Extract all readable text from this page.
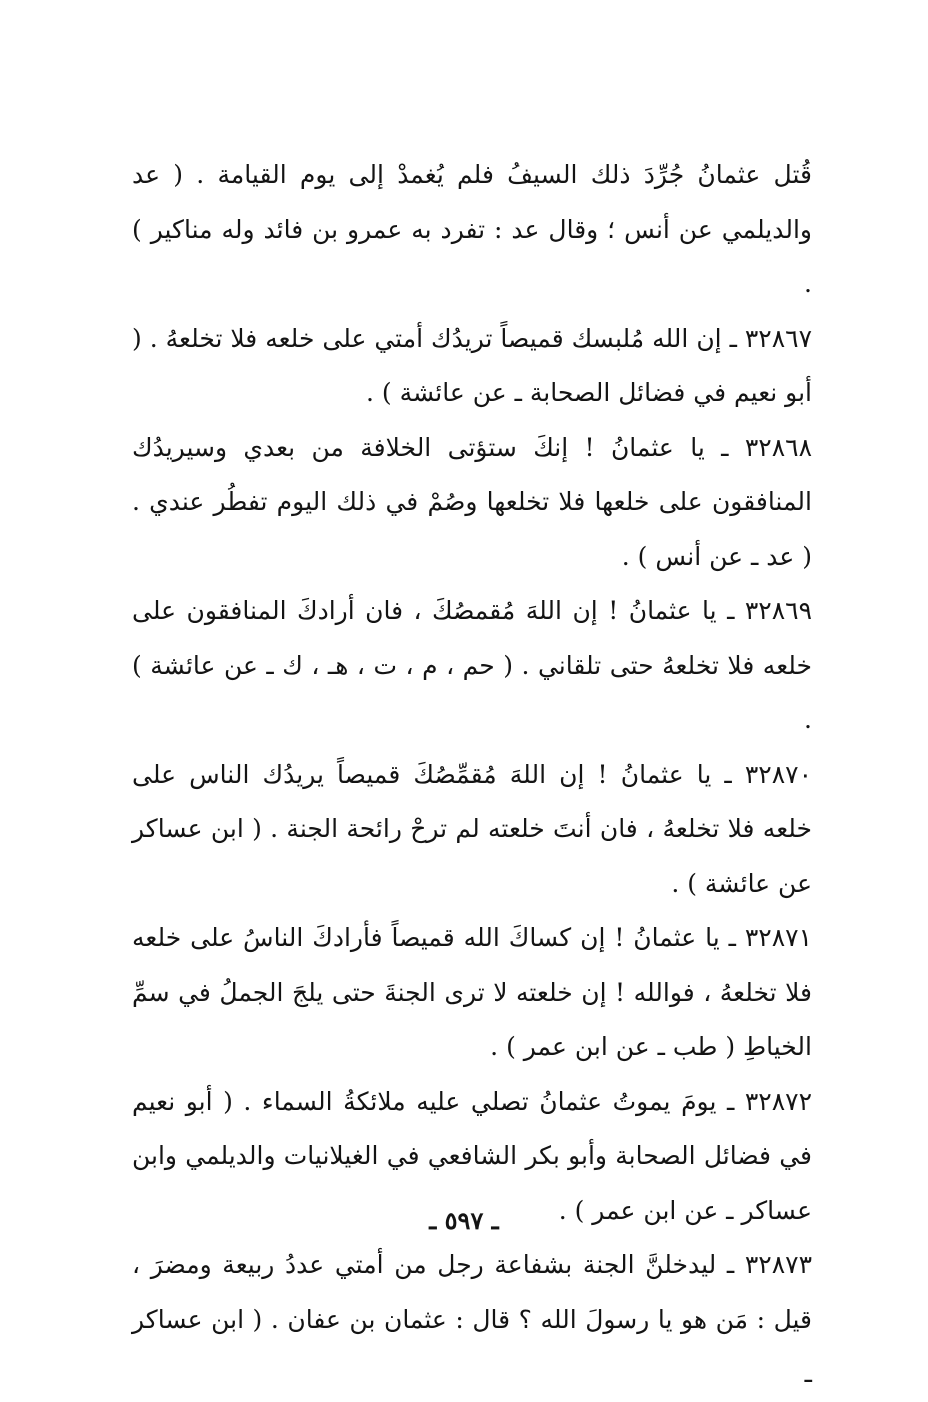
قُتل عثمانُ جُرِّدَ ذلك السيفُ فلم يُغمدْ إلى يوم القيامة . ( عد والديلمي عن أنس ؛ وقال عد : تفرد به عمرو بن فائد وله مناكير ) .

٣٢٨٦٧ ـ إن الله مُلبسك قميصاً تريدُك أمتي على خلعه فلا تخلعهُ . ( أبو نعيم في فضائل الصحابة ـ عن عائشة ) .

٣٢٨٦٨ ـ يا عثمانُ ! إنكَ ستؤتى الخلافة من بعدي وسيريدُك المنافقون على خلعها فلا تخلعها وصُمْ في ذلك اليوم تفطُر عندي . ( عد ـ عن أنس ) .

٣٢٨٦٩ ـ يا عثمانُ ! إن اللهَ مُقمصُكَ ، فان أرادكَ المنافقون على خلعه فلا تخلعهُ حتى تلقاني . ( حم ، م ، ت ، هـ ، ك ـ عن عائشة ) .

٣٢٨٧٠ ـ يا عثمانُ ! إن اللهَ مُقمِّصُكَ قميصاً يريدُك الناس على خلعه فلا تخلعهُ ، فان أنتَ خلعته لم ترحْ رائحة الجنة . ( ابن عساكر عن عائشة ) .

٣٢٨٧١ ـ يا عثمانُ ! إن كساكَ الله قميصاً فأرادكَ الناسُ على خلعه فلا تخلعهُ ، فوالله ! إن خلعته لا ترى الجنةَ حتى يلجَ الجملُ في سمِّ الخياطِ ( طب ـ عن ابن عمر ) .

٣٢٨٧٢ ـ يومَ يموتُ عثمانُ تصلي عليه ملائكةُ السماء . ( أبو نعيم في فضائل الصحابة وأبو بكر الشافعي في الغيلانيات والديلمي وابن عساكر ـ عن ابن عمر ) .

٣٢٨٧٣ ـ ليدخلنَّ الجنة بشفاعة رجل من أمتي عددُ ربيعة ومضرَ ، قيل : مَن هو يا رسولَ الله ؟ قال : عثمان بن عفان . ( ابن عساكر ـ

ـ ٥٩٧ ـ
